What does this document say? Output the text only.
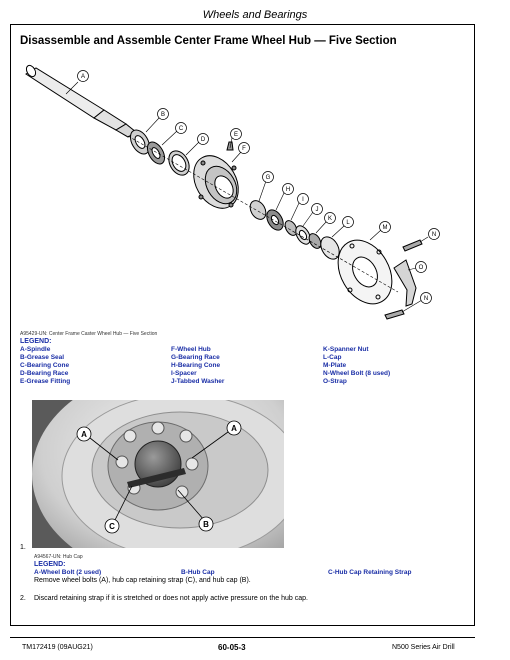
Wheels and Bearings
Disassemble and Assemble Center Frame Wheel Hub — Five Section
A
B
C
D
E
F
G
H
I
J
K
L
M
N
O
N
A95429-UN: Center Frame Caster Wheel Hub — Five Section
LEGEND:
A-Spindle
B-Grease Seal
C-Bearing Cone
D-Bearing Race
E-Grease Fitting
F-Wheel Hub
G-Bearing Race
H-Bearing Cone
I-Spacer
J-Tabbed Washer
K-Spanner Nut
L-Cap
M-Plate
N-Wheel Bolt (8 used)
O-Strap
A
A
C	B
1.
A94567-UN: Hub Cap
LEGEND:
A-Wheel Bolt (2 used)	B-Hub Cap	C-Hub Cap Retaining Strap
Remove wheel bolts (A), hub cap retaining strap (C), and hub cap (B).
2. Discard retaining strap if it is stretched or does not apply active pressure on the hub cap.
TM172419 (09AUG21)	60-05-3	N500 Series Air Drill
